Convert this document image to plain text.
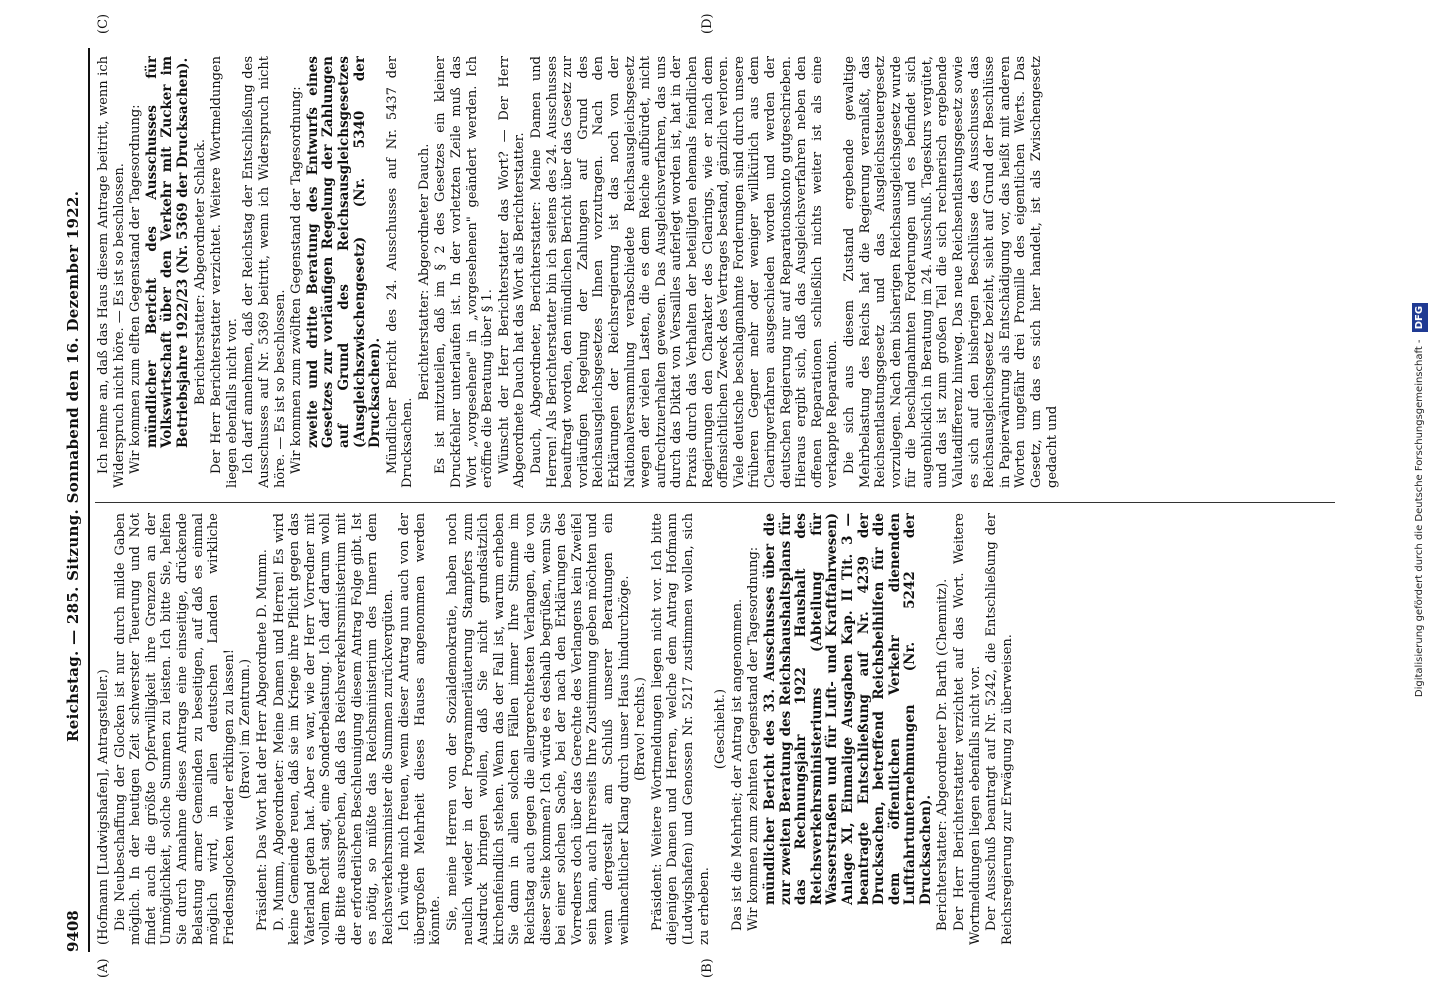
9408
Reichstag. — 285. Sitzung. Sonnabend den 16. Dezember 1922.
(A)	(B)
(C)	(D)

(Hofmann [Ludwigshafen], Antragsteller.) Die Neubeschaffung der Glocken ist nur durch milde Gaben möglich. In der heutigen Zeit schwerster Teuerung und Not findet auch die größte Opferwilligkeit ihre Grenzen an der Unmöglichkeit, solche Summen zu leisten. Ich bitte Sie, helfen Sie durch Annahme dieses Antrags eine einseitige, drückende Belastung armer Gemeinden zu beseitigen, auf daß es einmal möglich wird, in allen deutschen Landen wirkliche Friedensglocken wieder erklingen zu lassen! (Bravo! im Zentrum.) Präsident: Das Wort hat der Herr Abgeordnete D. Mumm. D. Mumm, Abgeordneter: Meine Damen und Herren! Es wird keine Gemeinde reuen, daß sie im Kriege ihre Pflicht gegen das Vaterland getan hat. Aber es war, wie der Herr Vorredner mit vollem Recht sagt, eine Sonderbelastung. Ich darf darum wohl die Bitte aussprechen, daß das Reichsverkehrsministerium mit der erforderlichen Beschleunigung diesem Antrag Folge gibt. Ist es nötig, so müßte das Reichsministerium des Innern dem Reichsverkehrsminister die Summen zurückvergüten. Ich würde mich freuen, wenn dieser Antrag nun auch von der übergroßen Mehrheit dieses Hauses angenommen werden könnte. Sie, meine Herren von der Sozialdemokratie, haben noch neulich wieder in der Programmerläuterung Stampfers zum Ausdruck bringen wollen, daß Sie nicht grundsätzlich kirchenfeindlich stehen. Wenn das der Fall ist, warum erheben Sie dann in allen solchen Fällen immer Ihre Stimme im Reichstag auch gegen die allergerechtesten Verlangen, die von dieser Seite kommen? Ich würde es deshalb begrüßen, wenn Sie bei einer solchen Sache, bei der nach den Erklärungen des Vorredners doch über das Gerechte des Verlangens kein Zweifel sein kann, auch Ihrerseits Ihre Zustimmung geben möchten und wenn dergestalt am Schluß unserer Beratungen ein weihnachtlicher Klang durch unser Haus hindurchzöge. (Bravo! rechts.) Präsident: Weitere Wortmeldungen liegen nicht vor. Ich bitte diejenigen Damen und Herren, welche dem Antrag Hofmann (Ludwigshafen) und Genossen Nr. 5217 zustimmen wollen, sich zu erheben.

(Geschieht.) Das ist die Mehrheit; der Antrag ist angenommen. Wir kommen zum zehnten Gegenstand der Tagesordnung: mündlicher Bericht des 33. Ausschusses über die zur zweiten Beratung des Reichshaushaltsplans für das Rechnungsjahr 1922 Haushalt des Reichsverkehrsministeriums (Abteilung für Wasserstraßen und für Luft- und Kraftfahrwesen) Anlage XI, Einmalige Ausgaben Kap. II Tit. 3 — beantragte Entschließung auf Nr. 4239 der Drucksachen, betreffend Reichsbeihilfen für die dem öffentlichen Verkehr dienenden Luftfahrtunternehmungen (Nr. 5242 der Drucksachen). Berichterstatter: Abgeordneter Dr. Barth (Chemnitz). Der Herr Berichterstatter verzichtet auf das Wort. Weitere Wortmeldungen liegen ebenfalls nicht vor. Der Ausschuß beantragt auf Nr. 5242, die Entschließung der Reichsregierung zur Erwägung zu überweisen.

Ich nehme an, daß das Haus diesem Antrage beitritt, wenn ich Widerspruch nicht höre. — Es ist so beschlossen. Wir kommen zum elften Gegenstand der Tagesordnung: mündlicher Bericht des Ausschusses für Volkswirtschaft über den Verkehr mit Zucker im Betriebsjahre 1922/23 (Nr. 5369 der Drucksachen). Berichterstatter: Abgeordneter Schlack. Der Herr Berichterstatter verzichtet. Weitere Wortmeldungen liegen ebenfalls nicht vor. Ich darf annehmen, daß der Reichstag der Entschließung des Ausschusses auf Nr. 5369 beitritt, wenn ich Widerspruch nicht höre. — Es ist so beschlossen. Wir kommen zum zwölften Gegenstand der Tagesordnung: zweite und dritte Beratung des Entwurfs eines Gesetzes zur vorläufigen Regelung der Zahlungen auf Grund des Reichsausgleichsgesetzes (Ausgleichszwischengesetz) (Nr. 5340 der Drucksachen). Mündlicher Bericht des 24. Ausschusses auf Nr. 5437 der Drucksachen.

Berichterstatter: Abgeordneter Dauch. Es ist mitzuteilen, daß im § 2 des Gesetzes ein kleiner Druckfehler unterlaufen ist. In der vorletzten Zeile muß das Wort „vorgesehene" in „vorgesehenen" geändert werden. Ich eröffne die Beratung über § 1. Wünscht der Herr Berichterstatter das Wort? — Der Herr Abgeordnete Dauch hat das Wort als Berichterstatter. Dauch, Abgeordneter, Berichterstatter: Meine Damen und Herren! Als Berichterstatter bin ich seitens des 24. Ausschusses beauftragt worden, den mündlichen Bericht über das Gesetz zur vorläufigen Regelung der Zahlungen auf Grund des Reichsausgleichsgesetzes Ihnen vorzutragen. Nach den Erklärungen der Reichsregierung ist das noch von der Nationalversammlung verabschiedete Reichsausgleichsgesetz wegen der vielen Lasten, die es dem Reiche aufbürdet, nicht aufrechtzuerhalten gewesen. Das Ausgleichsverfahren, das uns durch das Diktat von Versailles auferlegt worden ist, hat in der Praxis durch das Verhalten der beteiligten ehemals feindlichen Regierungen den Charakter des Clearings, wie er nach dem offensichtlichen Zweck des Vertrages bestand, gänzlich verloren. Viele deutsche beschlagnahmte Forderungen sind durch unsere früheren Gegner mehr oder weniger willkürlich aus dem Clearingverfahren ausgeschieden worden und werden der deutschen Regierung nur auf Reparationskonto gutgeschrieben. Hieraus ergibt sich, daß das Ausgleichsverfahren neben den offenen Reparationen schließlich nichts weiter ist als eine verkappte Reparation. Die sich aus diesem Zustand ergebende gewaltige Mehrbelastung des Reichs hat die Regierung veranlaßt, das Reichsentlastungsgesetz und das Ausgleichssteuergesetz vorzulegen. Nach dem bisherigen Reichsausgleichsgesetz wurde für die beschlagnahmten Forderungen und es befindet sich augenblicklich in Beratung im 24. Ausschuß. Tageskurs vergütet, und das ist zum großen Teil die sich rechnerisch ergebende Valutadifferenz hinweg. Das neue Reichsentlastungsgesetz sowie es sich auf den bisherigen Beschlüsse des Ausschusses das Reichsausgleichsgesetz bezieht, sieht auf Grund der Beschlüsse in Papierwährung als Entschädigung vor, das heißt mit anderen Worten ungefähr drei Promille des eigentlichen Werts. Das Gesetz, um das es sich hier handelt, ist als Zwischengesetz gedacht und	Digitalisierung gefördert durch die Deutsche Forschungsgemeinschaft - DFG
